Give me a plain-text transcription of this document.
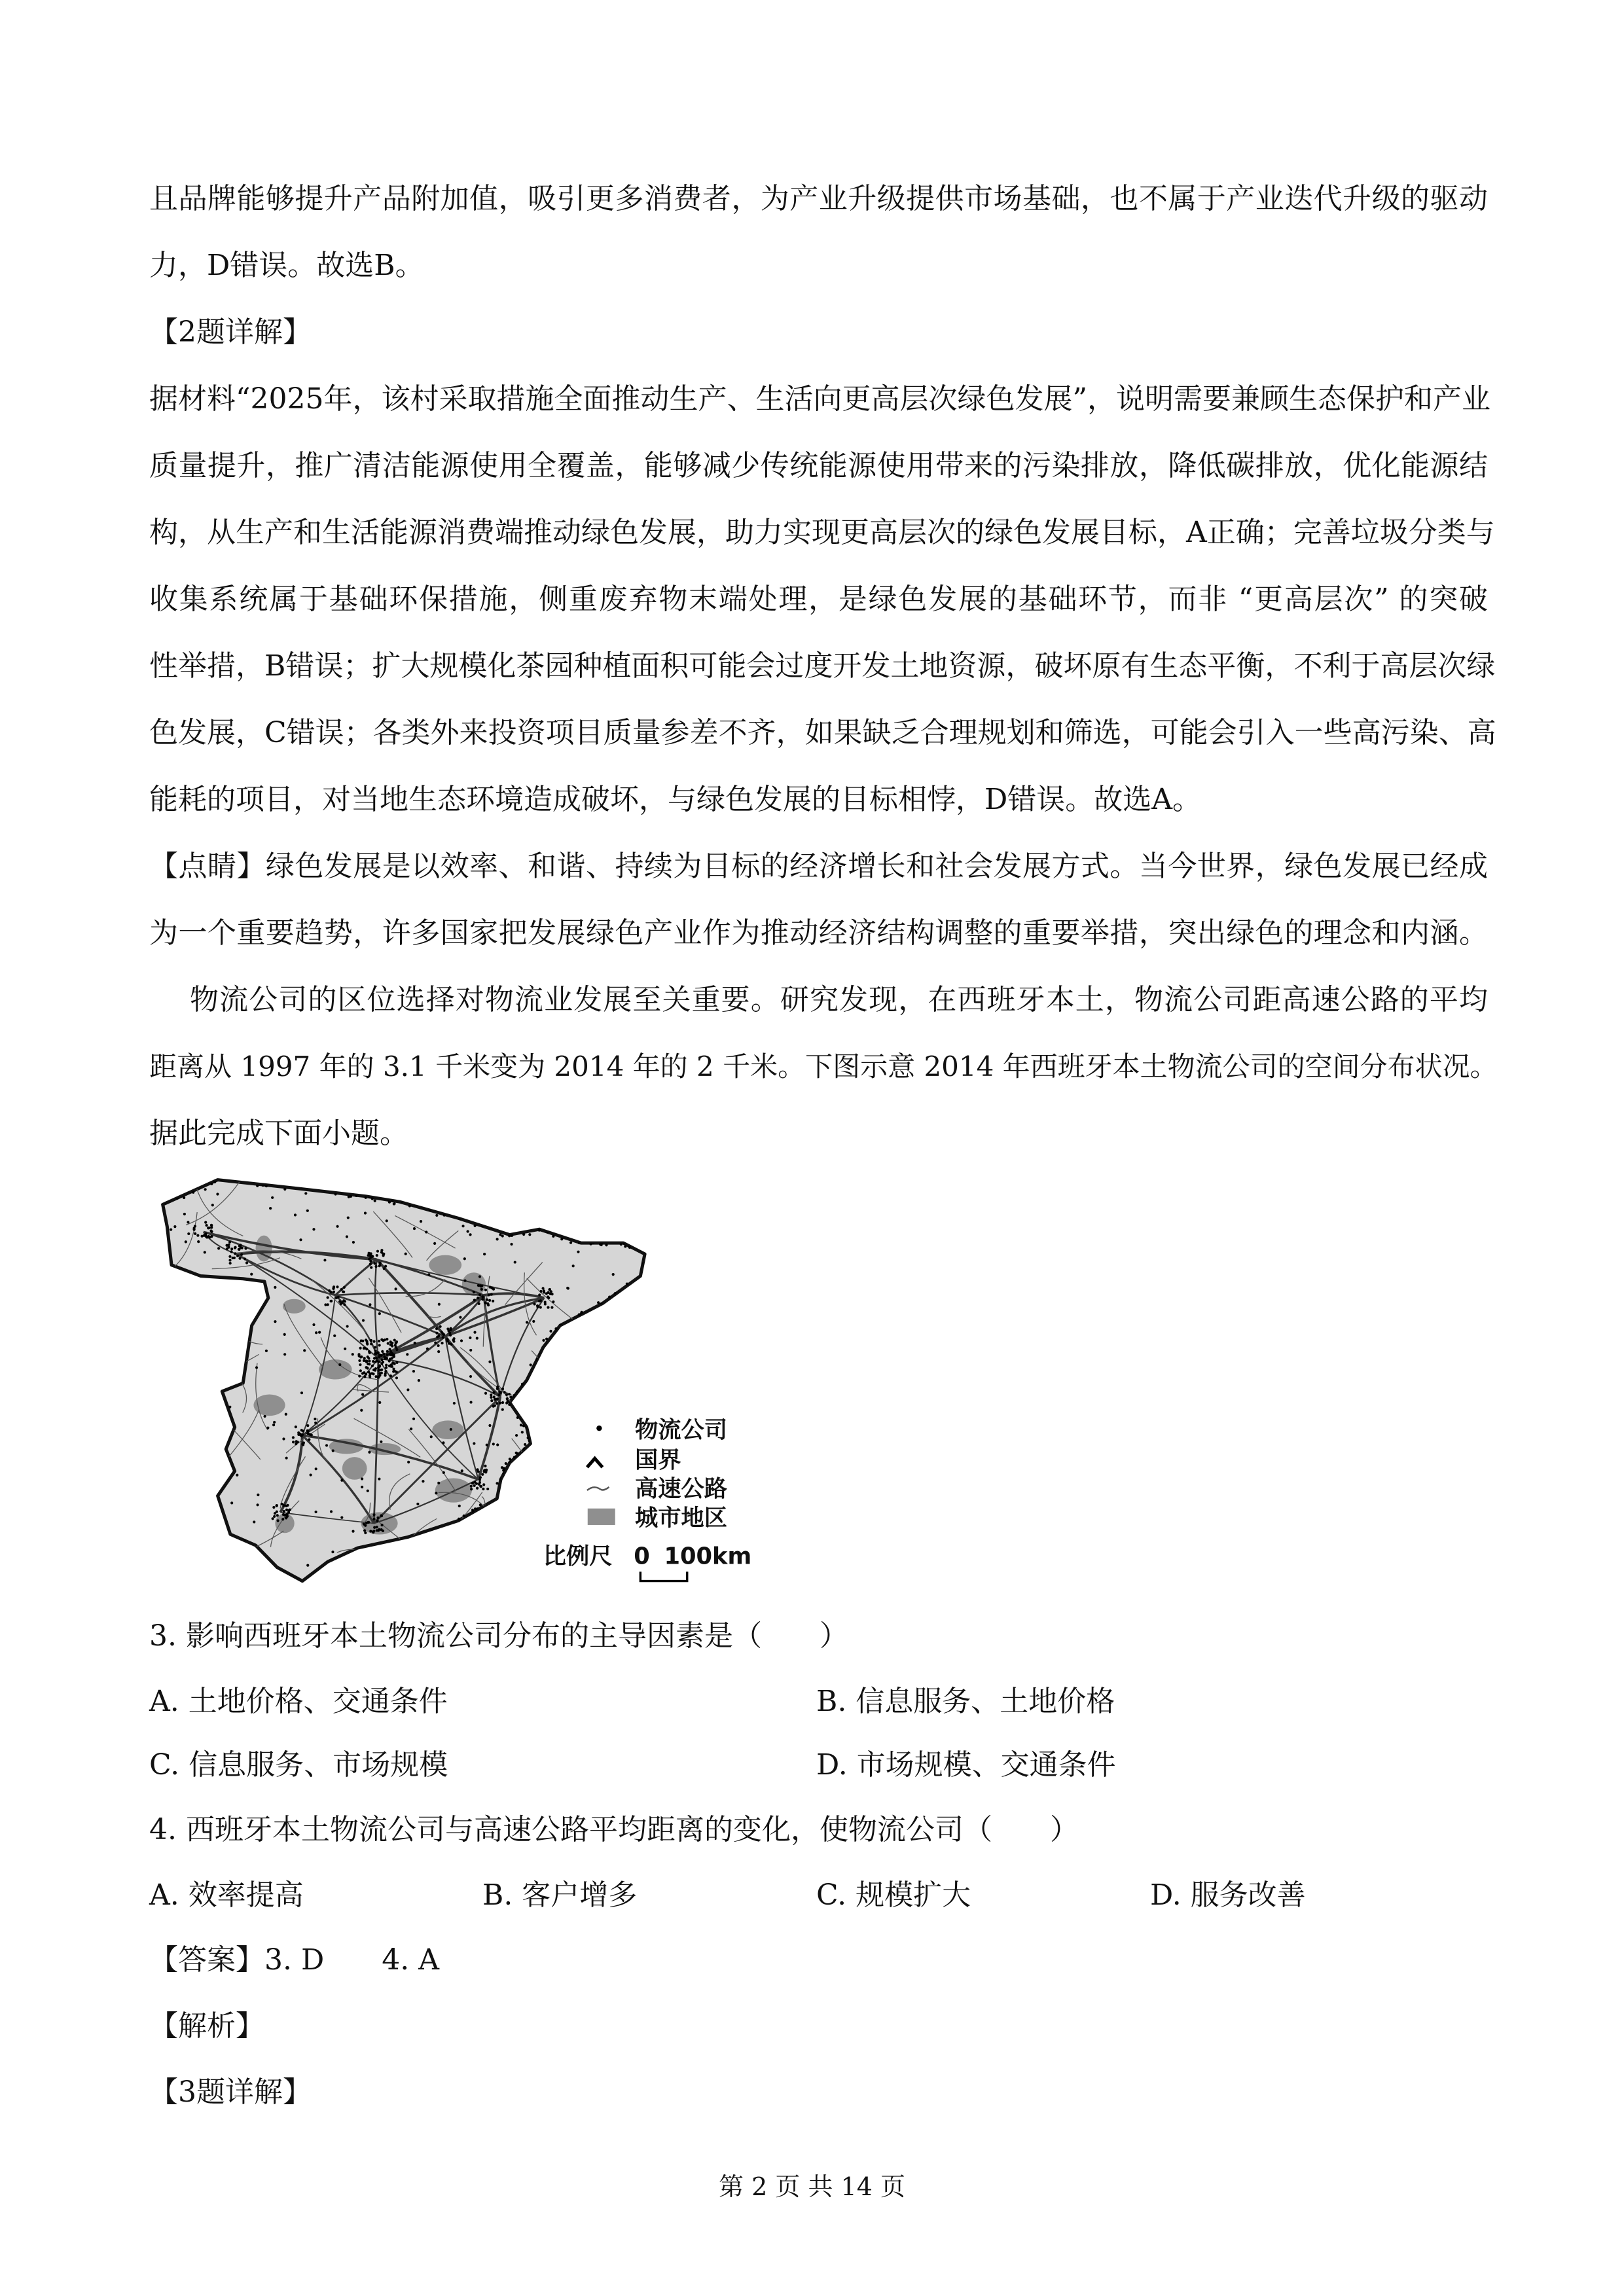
且品牌能够提升产品附加值，吸引更多消费者，为产业升级提供市场基础，也不属于产业迭代升级的驱动
力，D错误。故选B。
【2题详解】
据材料“2025年，该村采取措施全面推动生产、生活向更高层次绿色发展”，说明需要兼顾生态保护和产业
质量提升，推广清洁能源使用全覆盖，能够减少传统能源使用带来的污染排放，降低碳排放，优化能源结
构，从生产和生活能源消费端推动绿色发展，助力实现更高层次的绿色发展目标，A正确；完善垃圾分类与
收集系统属于基础环保措施，侧重废弃物末端处理，是绿色发展的基础环节，而非 “更高层次” 的突破
性举措，B错误；扩大规模化茶园种植面积可能会过度开发土地资源，破坏原有生态平衡，不利于高层次绿
色发展，C错误；各类外来投资项目质量参差不齐，如果缺乏合理规划和筛选，可能会引入一些高污染、高
能耗的项目，对当地生态环境造成破坏，与绿色发展的目标相悖，D错误。故选A。
【点睛】绿色发展是以效率、和谐、持续为目标的经济增长和社会发展方式。当今世界，绿色发展已经成
为一个重要趋势，许多国家把发展绿色产业作为推动经济结构调整的重要举措，突出绿色的理念和内涵。
物流公司的区位选择对物流业发展至关重要。研究发现，在西班牙本土，物流公司距高速公路的平均
距离从 1997 年的 3.1 千米变为 2014 年的 2 千米。下图示意 2014 年西班牙本土物流公司的空间分布状况。
据此完成下面小题。
物流公司
国界
高速公路
城市地区
比例尺 0 100km
3. 影响西班牙本土物流公司分布的主导因素是（　　）
A. 土地价格、交通条件	B. 信息服务、土地价格
C. 信息服务、市场规模	D. 市场规模、交通条件
4. 西班牙本土物流公司与高速公路平均距离的变化，使物流公司（　　）
A. 效率提高	B. 客户增多	C. 规模扩大	D. 服务改善
【答案】3. D　　4. A
【解析】
【3题详解】
第 2 页 共 14 页
